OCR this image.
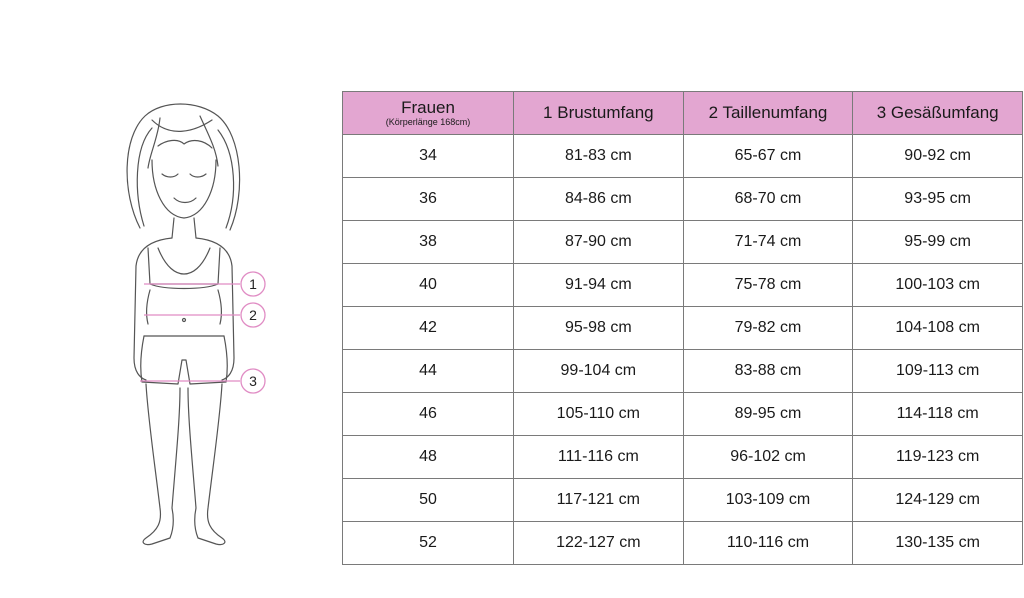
1
2
3
Frauen
(Körperlänge 168cm)	1 Brustumfang	2 Taillenumfang	3 Gesäßumfang
34	81-83 cm	65-67 cm	90-92 cm
36	84-86 cm	68-70 cm	93-95 cm
38	87-90 cm	71-74 cm	95-99 cm
40	91-94 cm	75-78 cm	100-103 cm
42	95-98 cm	79-82 cm	104-108 cm
44	99-104 cm	83-88 cm	109-113 cm
46	105-110 cm	89-95 cm	114-118 cm
48	111-116 cm	96-102 cm	119-123 cm
50	117-121 cm	103-109 cm	124-129 cm
52	122-127 cm	110-116 cm	130-135 cm
